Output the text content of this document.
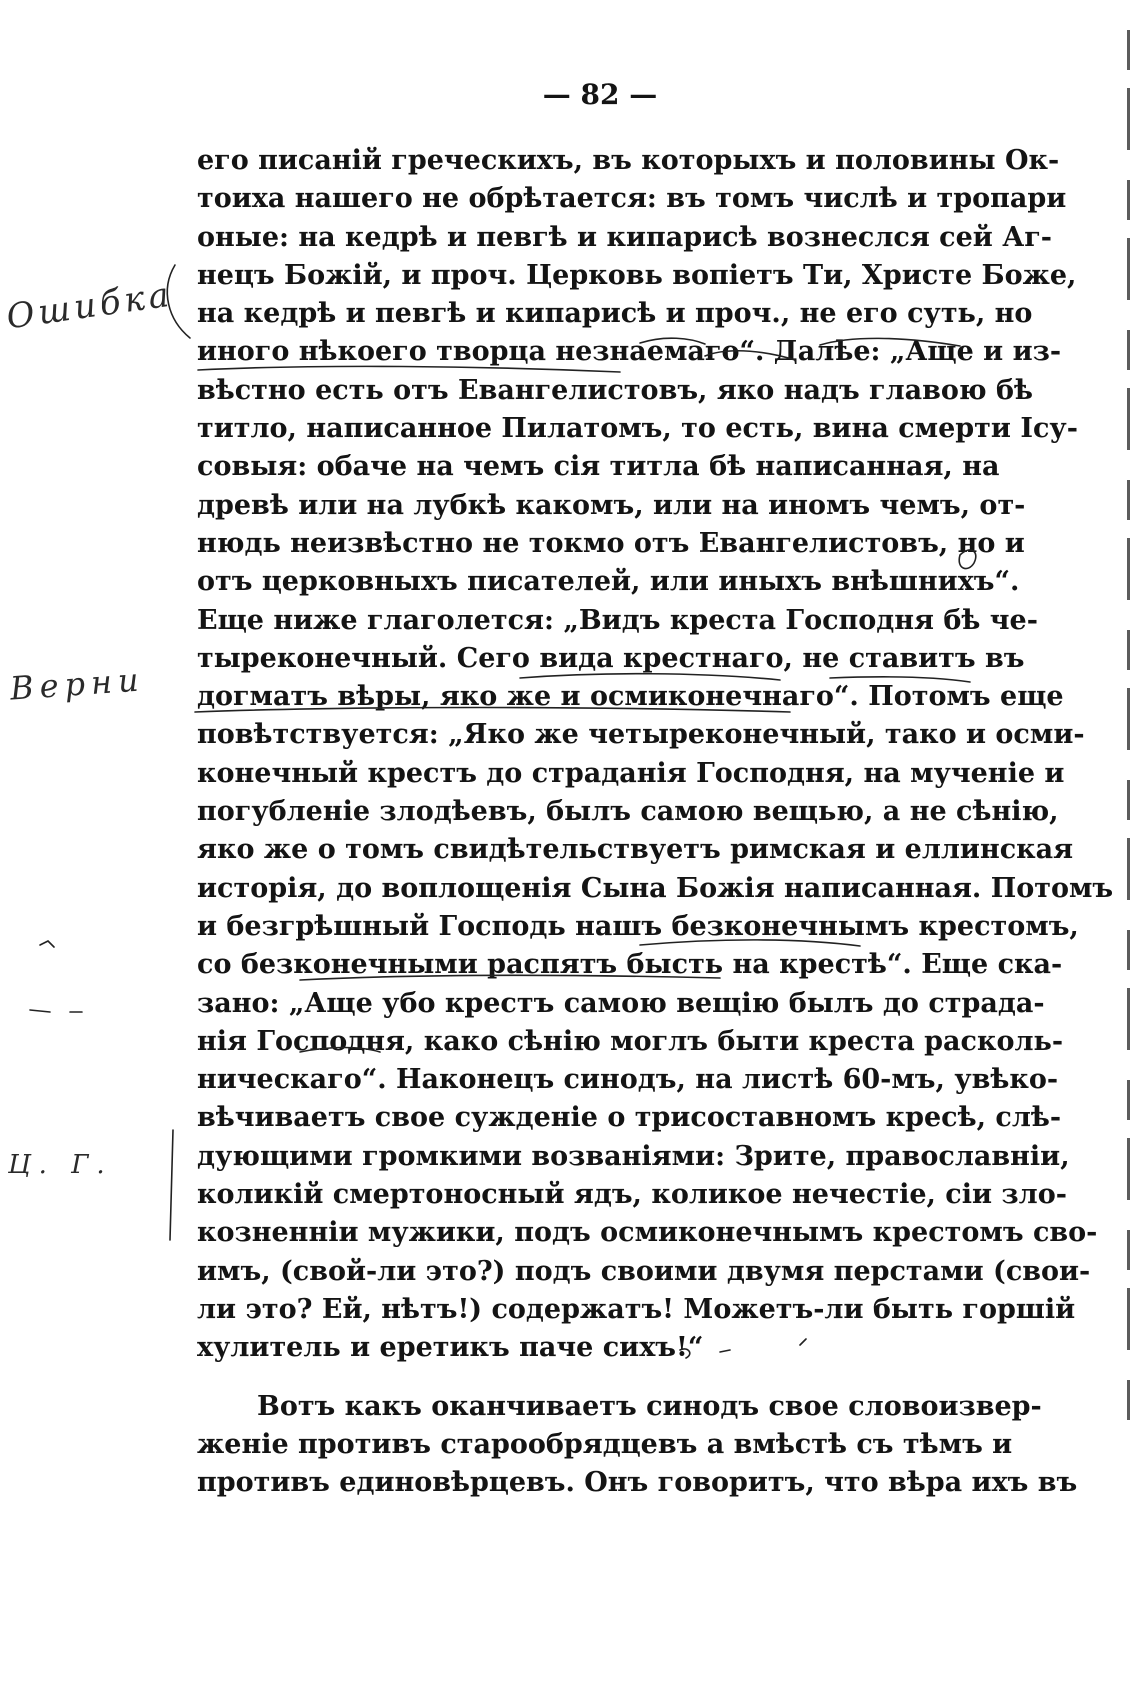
— 82 —
его писаній греческихъ, въ которыхъ и половины Ок-
тоиха нашего не обрѣтается: въ томъ числѣ и тропари
оные: на кедрѣ и певгѣ и кипарисѣ вознеслся сей Аг-
нецъ Божій, и проч. Церковь вопіетъ Ти, Христе Боже,
на кедрѣ и певгѣ и кипарисѣ и проч., не его суть, но
иного нѣкоего творца незнаемаго“. Далѣе: „Аще и из-
вѣстно есть отъ Евангелистовъ, яко надъ главою бѣ
титло, написанное Пилатомъ, то есть, вина смерти Ісу-
совыя: обаче на чемъ сія титла бѣ написанная, на
древѣ или на лубкѣ какомъ, или на иномъ чемъ, от-
нюдь неизвѣстно не токмо отъ Евангелистовъ, но и
отъ церковныхъ писателей, или иныхъ внѣшнихъ“.
Еще ниже глаголется: „Видъ креста Господня бѣ че-
тыреконечный. Сего вида крестнаго, не ставитъ въ
догматъ вѣры, яко же и осмиконечнаго“. Потомъ еще
повѣтствуется: „Яко же четыреконечный, тако и осми-
конечный крестъ до страданія Господня, на мученіе и
погубленіе злодѣевъ, былъ самою вещью, а не сѣнію,
яко же о томъ свидѣтельствуетъ римская и еллинская
исторія, до воплощенія Сына Божія написанная. Потомъ
и безгрѣшный Господь нашъ безконечнымъ крестомъ,
со безконечными распятъ бысть на крестѣ“. Еще ска-
зано: „Аще убо крестъ самою вещію былъ до страда-
нія Господня, како сѣнію моглъ быти креста расколь-
ническаго“. Наконецъ синодъ, на листѣ 60-мъ, увѣко-
вѣчиваетъ свое сужденіе о трисоставномъ кресѣ, слѣ-
дующими громкими возваніями: Зрите, православніи,
коликій смертоносный ядъ, коликое нечестіе, сіи зло-
козненніи мужики, подъ осмиконечнымъ крестомъ сво-
имъ, (свой-ли это?) подъ своими двумя перстами (свои-
ли это? Ей, нѣтъ!) содержатъ! Можетъ-ли быть горшій
хулитель и еретикъ паче сихъ!“
Вотъ какъ оканчиваетъ синодъ свое словоизвер-
женіе противъ старообрядцевъ а вмѣстѣ съ тѣмъ и
противъ единовѣрцевъ. Онъ говоритъ, что вѣра ихъ въ
Ошибка
Верни
Ц. Г.
